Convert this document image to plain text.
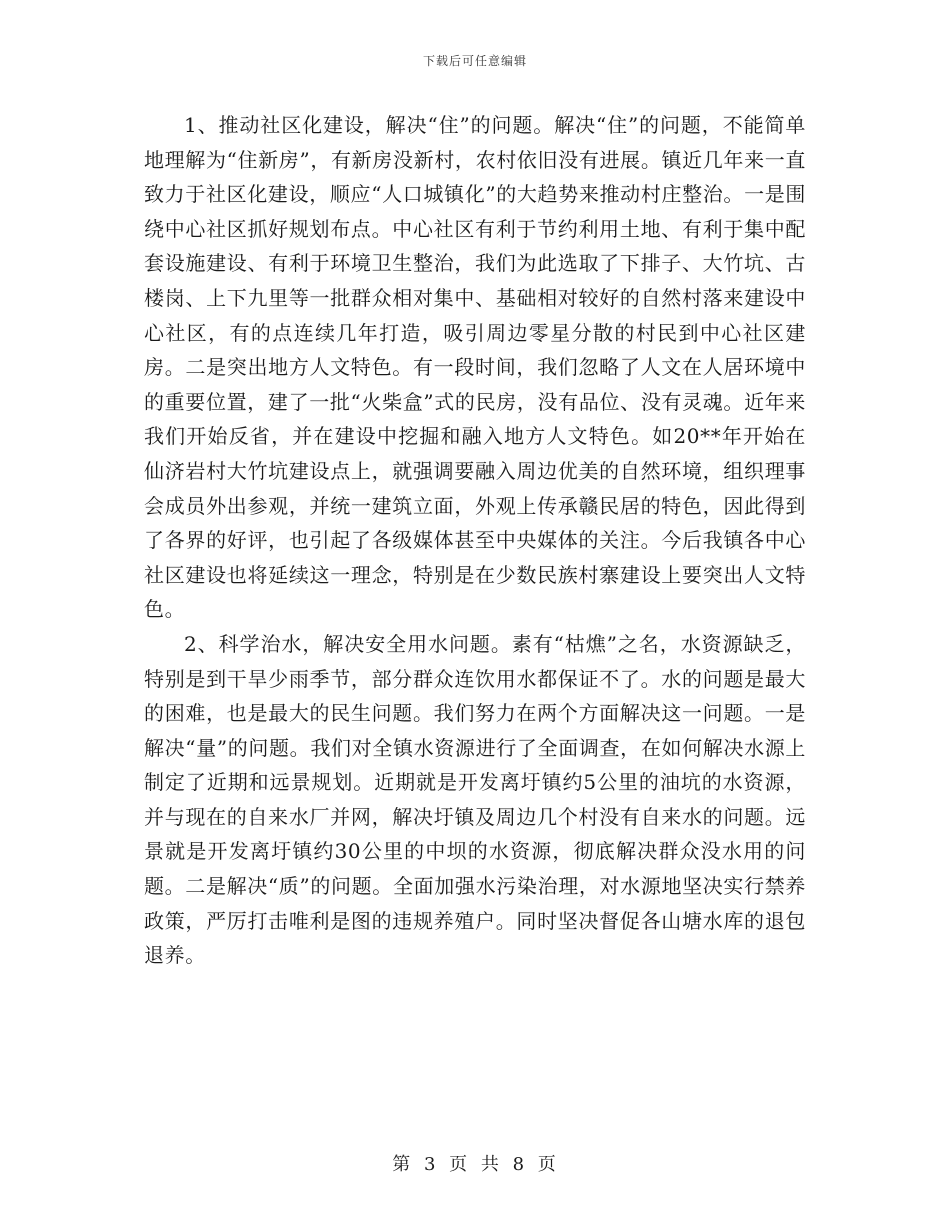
下载后可任意编辑

1、推动社区化建设，解决“住”的问题。解决“住”的问题，不能简单地理解为“住新房”，有新房没新村，农村依旧没有进展。镇近几年来一直致力于社区化建设，顺应“人口城镇化”的大趋势来推动村庄整治。一是围绕中心社区抓好规划布点。中心社区有利于节约利用土地、有利于集中配套设施建设、有利于环境卫生整治，我们为此选取了下排子、大竹坑、古楼岗、上下九里等一批群众相对集中、基础相对较好的自然村落来建设中心社区，有的点连续几年打造，吸引周边零星分散的村民到中心社区建房。二是突出地方人文特色。有一段时间，我们忽略了人文在人居环境中的重要位置，建了一批“火柴盒”式的民房，没有品位、没有灵魂。近年来我们开始反省，并在建设中挖掘和融入地方人文特色。如20**年开始在仙济岩村大竹坑建设点上，就强调要融入周边优美的自然环境，组织理事会成员外出参观，并统一建筑立面，外观上传承赣民居的特色，因此得到了各界的好评，也引起了各级媒体甚至中央媒体的关注。今后我镇各中心社区建设也将延续这一理念，特别是在少数民族村寨建设上要突出人文特色。

2、科学治水，解决安全用水问题。素有“枯燋”之名，水资源缺乏，特别是到干旱少雨季节，部分群众连饮用水都保证不了。水的问题是最大的困难，也是最大的民生问题。我们努力在两个方面解决这一问题。一是解决“量”的问题。我们对全镇水资源进行了全面调查，在如何解决水源上制定了近期和远景规划。近期就是开发离圩镇约5公里的油坑的水资源，并与现在的自来水厂并网，解决圩镇及周边几个村没有自来水的问题。远景就是开发离圩镇约30公里的中坝的水资源，彻底解决群众没水用的问题。二是解决“质”的问题。全面加强水污染治理，对水源地坚决实行禁养政策，严厉打击唯利是图的违规养殖户。同时坚决督促各山塘水库的退包退养。

第 3 页 共 8 页
